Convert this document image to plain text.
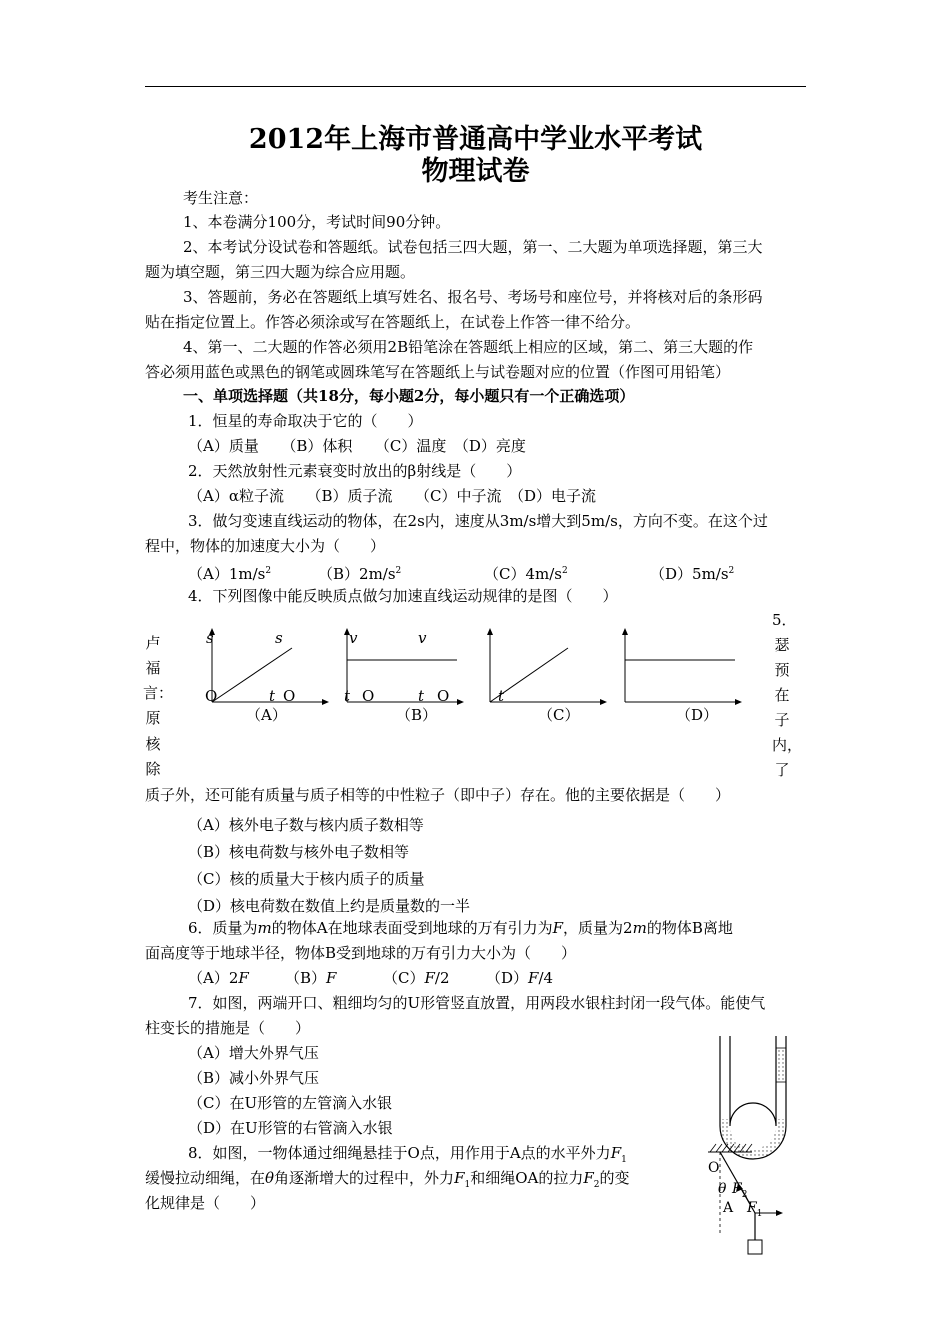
2012年上海市普通高中学业水平考试
物理试卷
考生注意：
1、本卷满分100分，考试时间90分钟。
2、本考试分设试卷和答题纸。试卷包括三四大题，第一、二大题为单项选择题，第三大
题为填空题，第三四大题为综合应用题。
3、答题前，务必在答题纸上填写姓名、报名号、考场号和座位号，并将核对后的条形码
贴在指定位置上。作答必须涂或写在答题纸上，在试卷上作答一律不给分。
4、第一、二大题的作答必须用2B铅笔涂在答题纸上相应的区域，第二、第三大题的作
答必须用蓝色或黑色的钢笔或圆珠笔写在答题纸上与试卷题对应的位置（作图可用铅笔）
一、单项选择题（共18分，每小题2分，每小题只有一个正确选项）
1．恒星的寿命取决于它的（　　）
（A）质量　　（B）体积　　（C）温度　（D）亮度
2．天然放射性元素衰变时放出的β射线是（　　）
（A）α粒子流　　（B）质子流　　（C）中子流　（D）电子流
3．做匀变速直线运动的物体，在2s内，速度从3m/s增大到5m/s，方向不变。在这个过
程中，物体的加速度大小为（　　）
$(A)1m/s^2$	$(B)2m/s^2$	$(C)4m/s^2$	$(D)5m/s^2$
4．下列图像中能反映质点做匀加速直线运动规律的是图（　　）
s	s
O	t
（A）
O
v	v
t O
（B）
t O	t
（C）	（D）
卢
福
言：
原
核
除
5．
瑟
预
在
子
内，
了
质子外，还可能有质量与质子相等的中性粒子（即中子）存在。他的主要依据是（　　）
（A）核外电子数与核内质子数相等
（B）核电荷数与核外电子数相等
（C）核的质量大于核内质子的质量
（D）核电荷数在数值上约是质量数的一半
6．质量为m的物体A在地球表面受到地球的万有引力为F，质量为2m的物体B离地
面高度等于地球半径，物体B受到地球的万有引力大小为（　　）
（A）2F （B）F	（C）F/2 （D）F/4
7．如图，两端开口、粗细均匀的U形管竖直放置，用两段水银柱封闭一段气体。能使气
柱变长的措施是（　　）
（A）增大外界气压
（B）减小外界气压
（C）在U形管的左管滴入水银
（D）在U形管的右管滴入水银
8．如图，一物体通过细绳悬挂于O点，用作用于A点的水平外力$F_1$
缓慢拉动细绳，在θ角逐渐增大的过程中，外力$F_1$和细绳OA的拉力$F_2$的变
化规律是（　　）
O
θ $F_2$
A $F_1$
